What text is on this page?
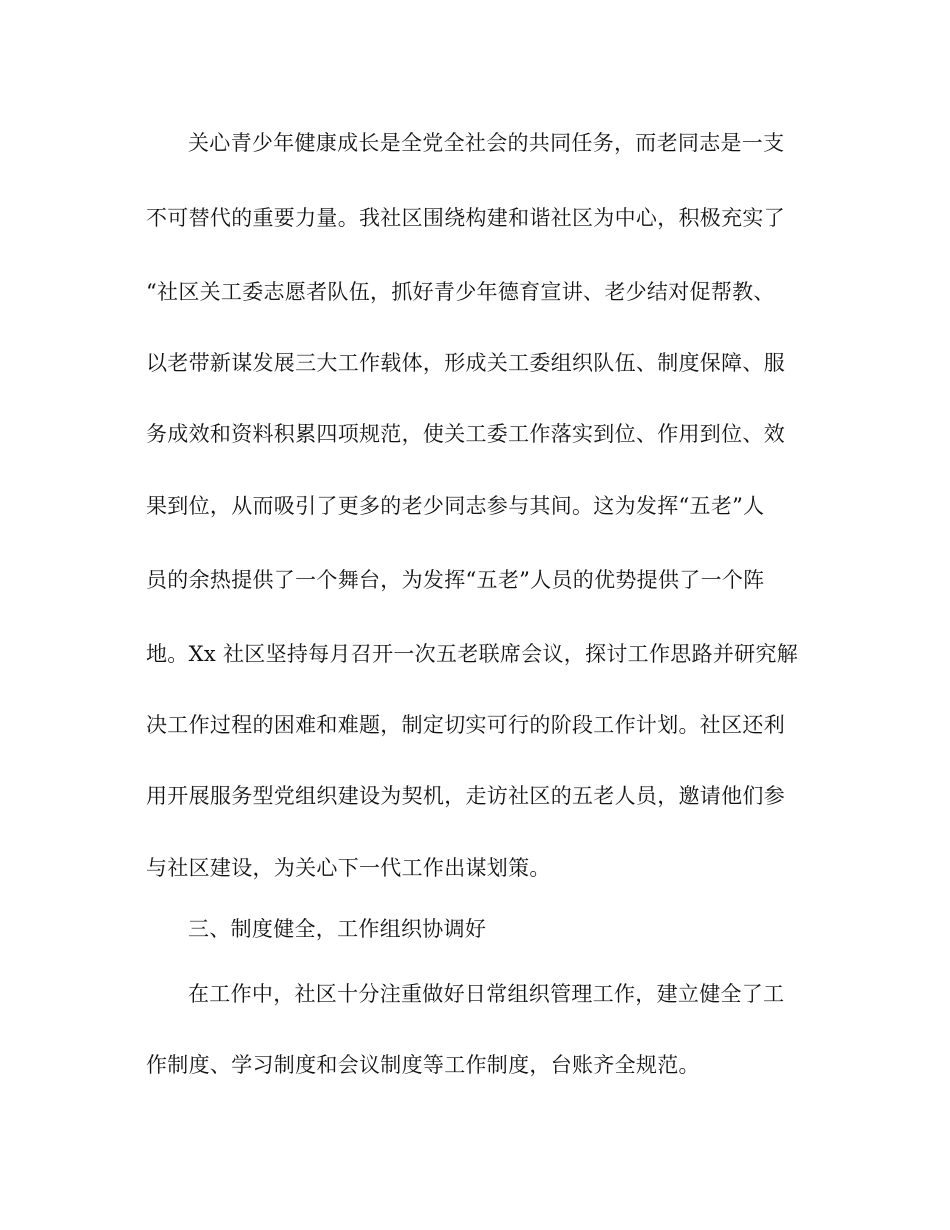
关心青少年健康成长是全党全社会的共同任务，而老同志是一支
不可替代的重要力量。我社区围绕构建和谐社区为中心，积极充实了
“社区关工委志愿者队伍，抓好青少年德育宣讲、老少结对促帮教、
以老带新谋发展三大工作载体，形成关工委组织队伍、制度保障、服
务成效和资料积累四项规范，使关工委工作落实到位、作用到位、效
果到位，从而吸引了更多的老少同志参与其间。这为发挥“五老”人
员的余热提供了一个舞台，为发挥“五老”人员的优势提供了一个阵
地。Xx 社区坚持每月召开一次五老联席会议，探讨工作思路并研究解
决工作过程的困难和难题，制定切实可行的阶段工作计划。社区还利
用开展服务型党组织建设为契机，走访社区的五老人员，邀请他们参
与社区建设，为关心下一代工作出谋划策。
三、制度健全，工作组织协调好
在工作中，社区十分注重做好日常组织管理工作，建立健全了工
作制度、学习制度和会议制度等工作制度，台账齐全规范。
